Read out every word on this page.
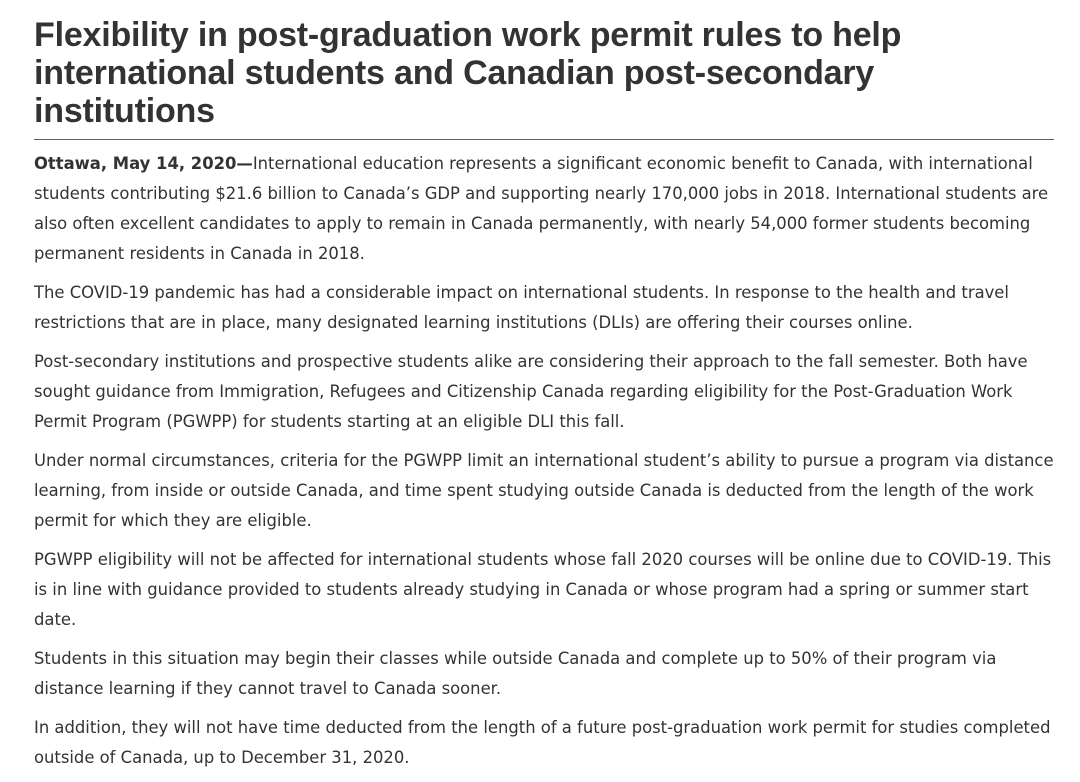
Flexibility in post-graduation work permit rules to help
international students and Canadian post-secondary institutions

Ottawa, May 14, 2020—International education represents a significant economic benefit to Canada, with international students contributing $21.6 billion to Canada’s GDP and supporting nearly 170,000 jobs in 2018. International students are also often excellent candidates to apply to remain in Canada permanently, with nearly 54,000 former students becoming permanent residents in Canada in 2018.

The COVID-19 pandemic has had a considerable impact on international students. In response to the health and travel restrictions that are in place, many designated learning institutions (DLIs) are offering their courses online.

Post-secondary institutions and prospective students alike are considering their approach to the fall semester. Both have sought guidance from Immigration, Refugees and Citizenship Canada regarding eligibility for the Post-Graduation Work Permit Program (PGWPP) for students starting at an eligible DLI this fall.

Under normal circumstances, criteria for the PGWPP limit an international student’s ability to pursue a program via distance learning, from inside or outside Canada, and time spent studying outside Canada is deducted from the length of the work permit for which they are eligible.

PGWPP eligibility will not be affected for international students whose fall 2020 courses will be online due to COVID-19. This is in line with guidance provided to students already studying in Canada or whose program had a spring or summer start date.

Students in this situation may begin their classes while outside Canada and complete up to 50% of their program via distance learning if they cannot travel to Canada sooner.

In addition, they will not have time deducted from the length of a future post-graduation work permit for studies completed outside of Canada, up to December 31, 2020.
